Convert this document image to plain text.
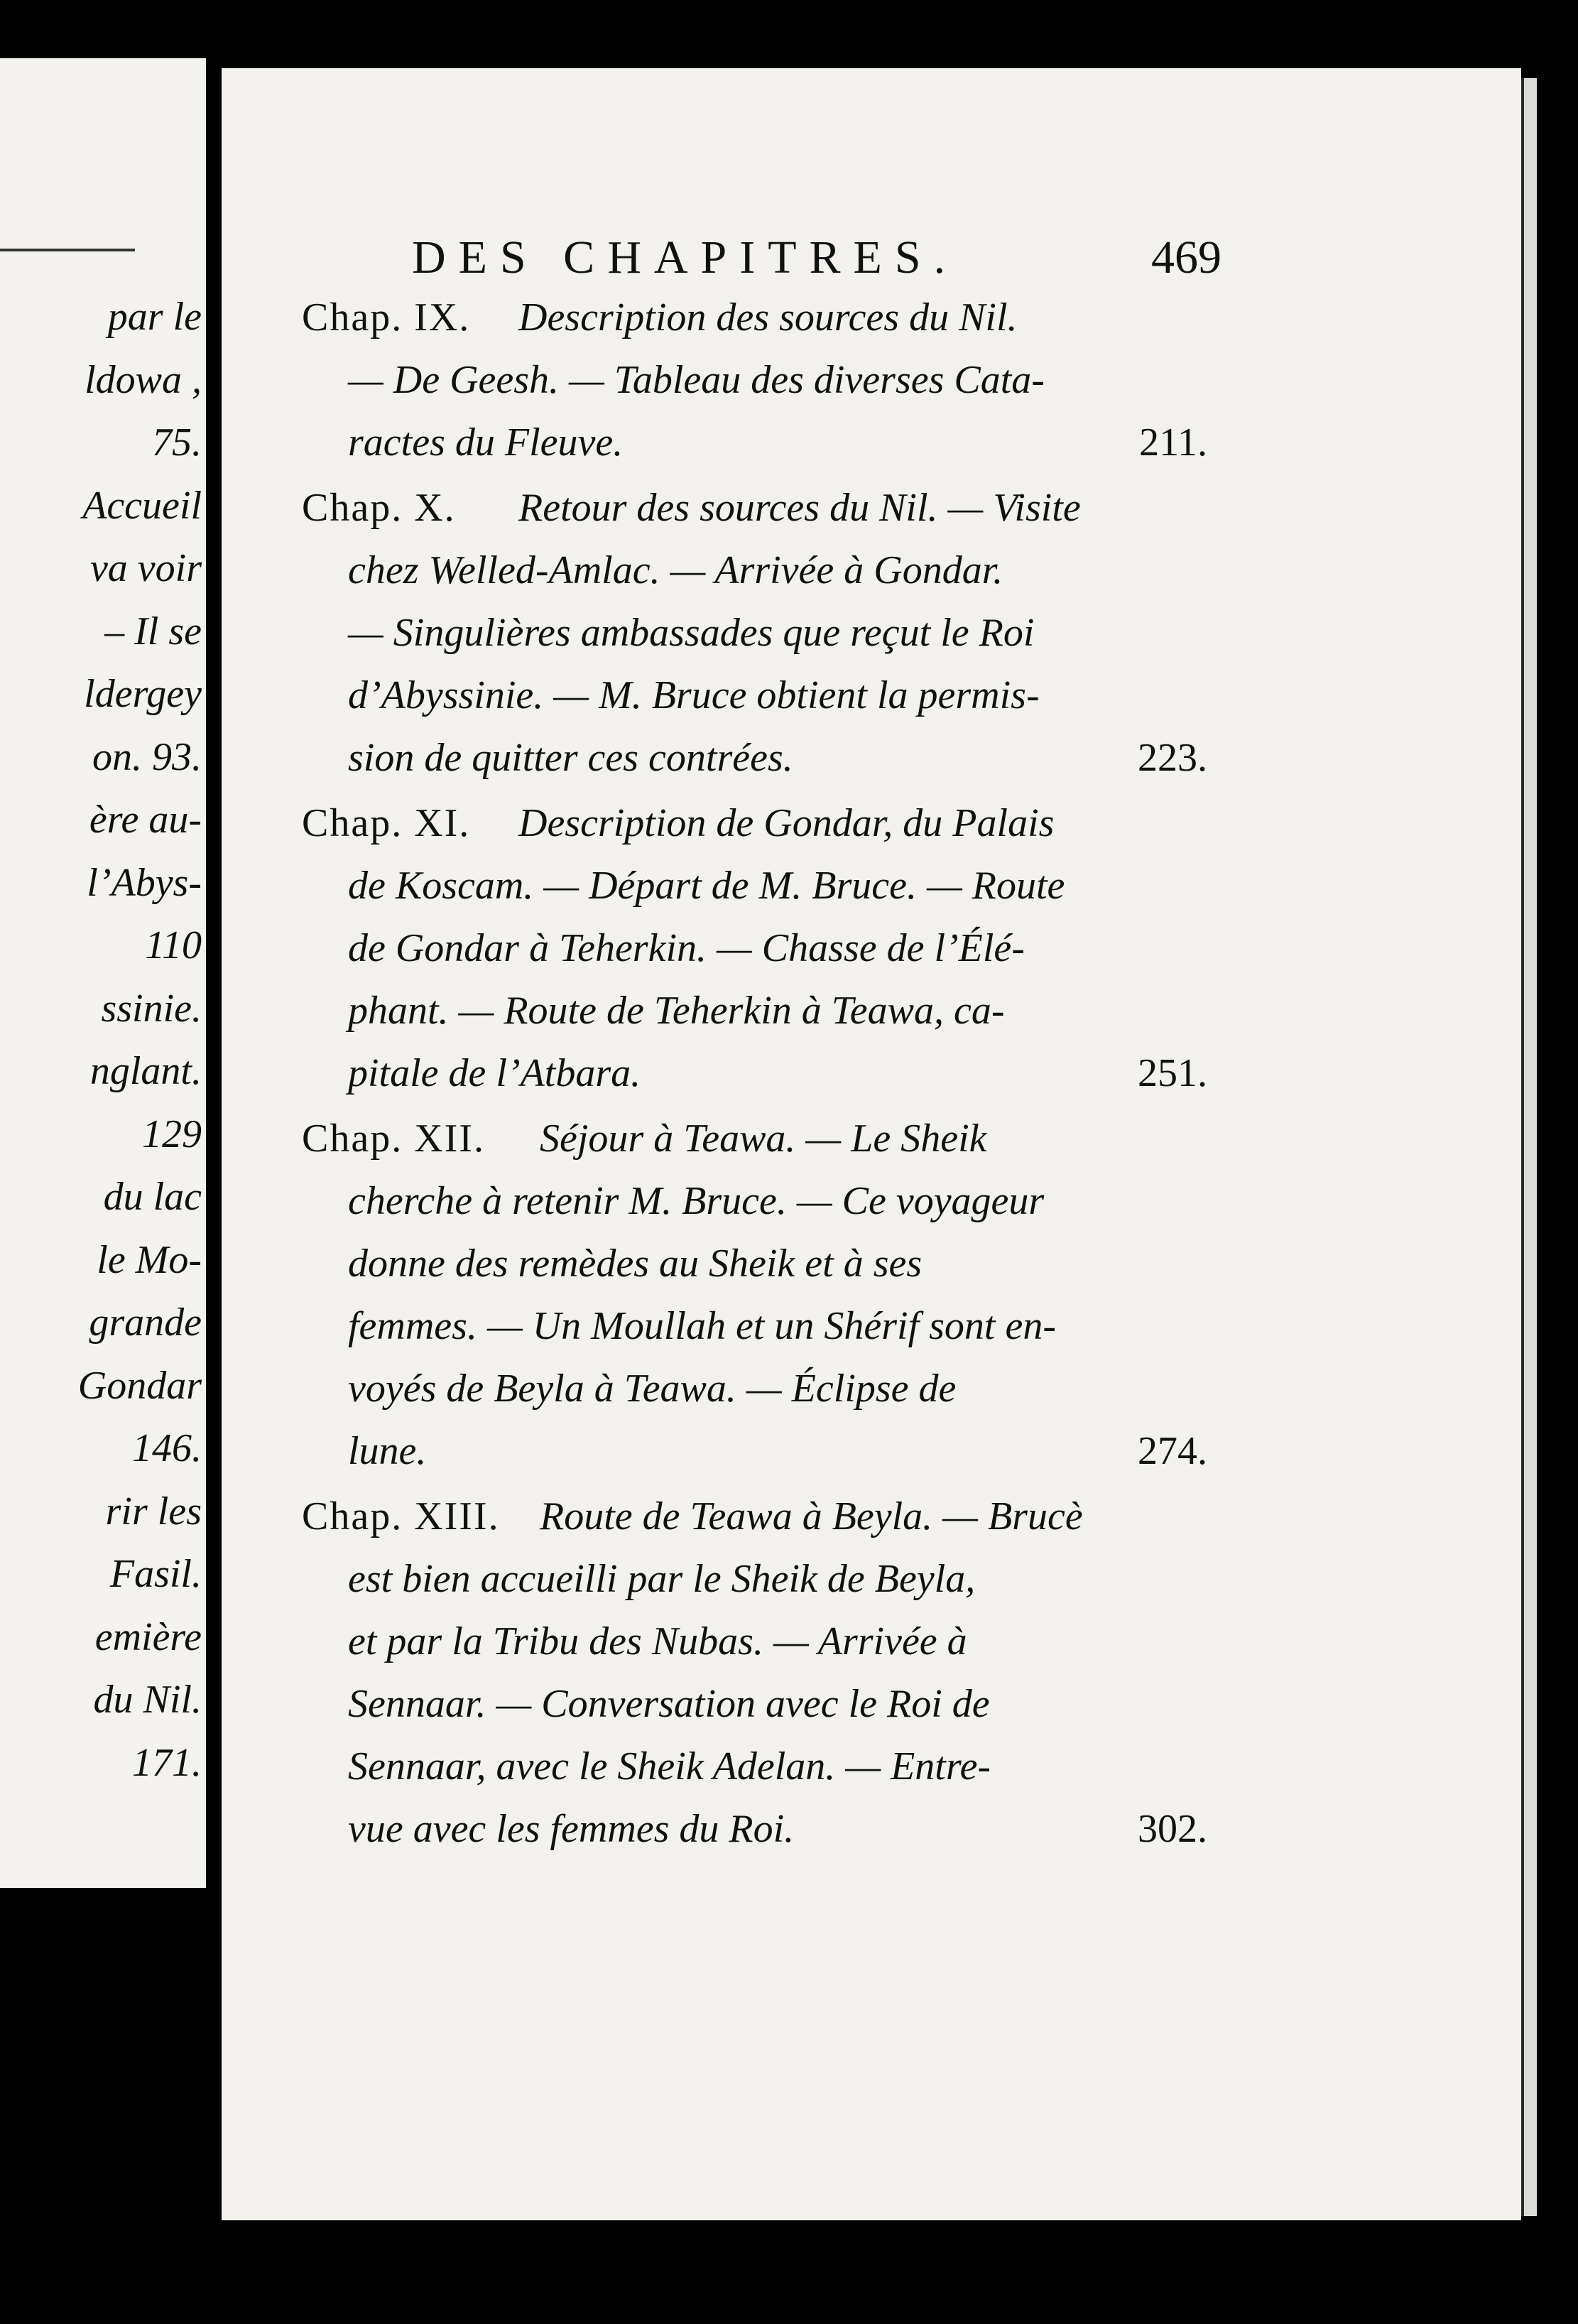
par le
ldowa ,
75.
Accueil
va voir
– Il se
ldergey
on. 93.
ère au-
l’Abys-
110
ssinie.
nglant.
129
du lac
le Mo-
grande
Gondar
146.
rir les
Fasil.
emière
du Nil.
171.
DES CHAPITRES.	469
Chap. IX. Description des sources du Nil.
— De Geesh. — Tableau des diverses Cata-
ractes du Fleuve.	211.
Chap. X. Retour des sources du Nil. — Visite
chez Welled-Amlac. — Arrivée à Gondar.
— Singulières ambassades que reçut le Roi
d’Abyssinie. — M. Bruce obtient la permis-
sion de quitter ces contrées.	223.
Chap. XI. Description de Gondar, du Palais
de Koscam. — Départ de M. Bruce. — Route
de Gondar à Teherkin. — Chasse de l’Élé-
phant. — Route de Teherkin à Teawa, ca-
pitale de l’Atbara.	251.
Chap. XII. Séjour à Teawa. — Le Sheik
cherche à retenir M. Bruce. — Ce voyageur
donne des remèdes au Sheik et à ses
femmes. — Un Moullah et un Shérif sont en-
voyés de Beyla à Teawa. — Éclipse de
lune.	274.
Chap. XIII. Route de Teawa à Beyla. — Brucè
est bien accueilli par le Sheik de Beyla,
et par la Tribu des Nubas. — Arrivée à
Sennaar. — Conversation avec le Roi de
Sennaar, avec le Sheik Adelan. — Entre-
vue avec les femmes du Roi.	302.
